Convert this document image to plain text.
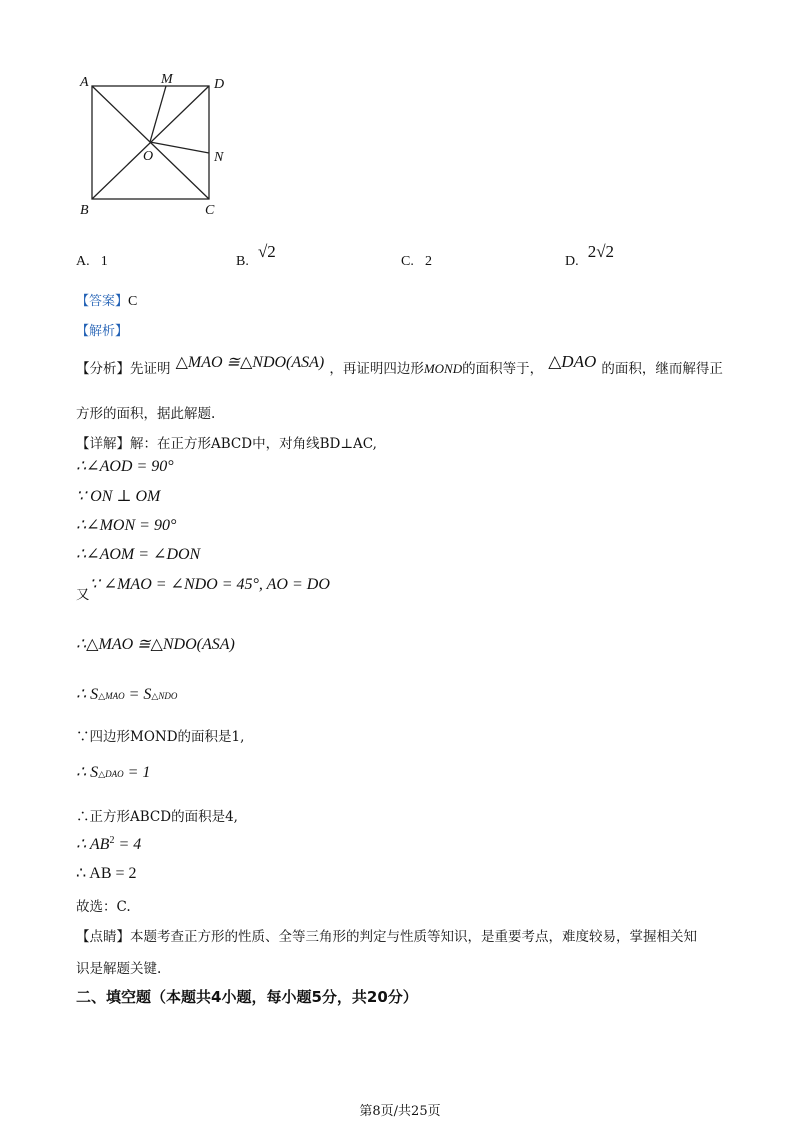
A	M	D
O	N
B	C
A. 1	B. √2
C. 2	D. 2√2
【答案】C
【解析】
【分析】先证明 △MAO ≅△NDO(ASA) ，再证明四边形MOND的面积等于， △DAO 的面积，继而解得正
方形的面积，据此解题.
【详解】解：在正方形ABCD中，对角线BD⊥AC,
∴∠AOD = 90°
∵ ON ⊥ OM
∴∠MON = 90°
∴∠AOM = ∠DON
$_又$∵ ∠MAO = ∠NDO = 45°, AO = DO
∴△MAO ≅△NDO(ASA)
∴ S△MAO = S△NDO
∵四边形MOND的面积是1,
∴ S△DAO = 1
∴正方形ABCD的面积是4,
∴ $AB^2 = 4$
∴ AB = 2
故选：C.
【点睛】本题考查正方形的性质、全等三角形的判定与性质等知识，是重要考点，难度较易，掌握相关知
识是解题关键.
二、填空题（本题共4小题，每小题5分，共20分）
第8页/共25页
